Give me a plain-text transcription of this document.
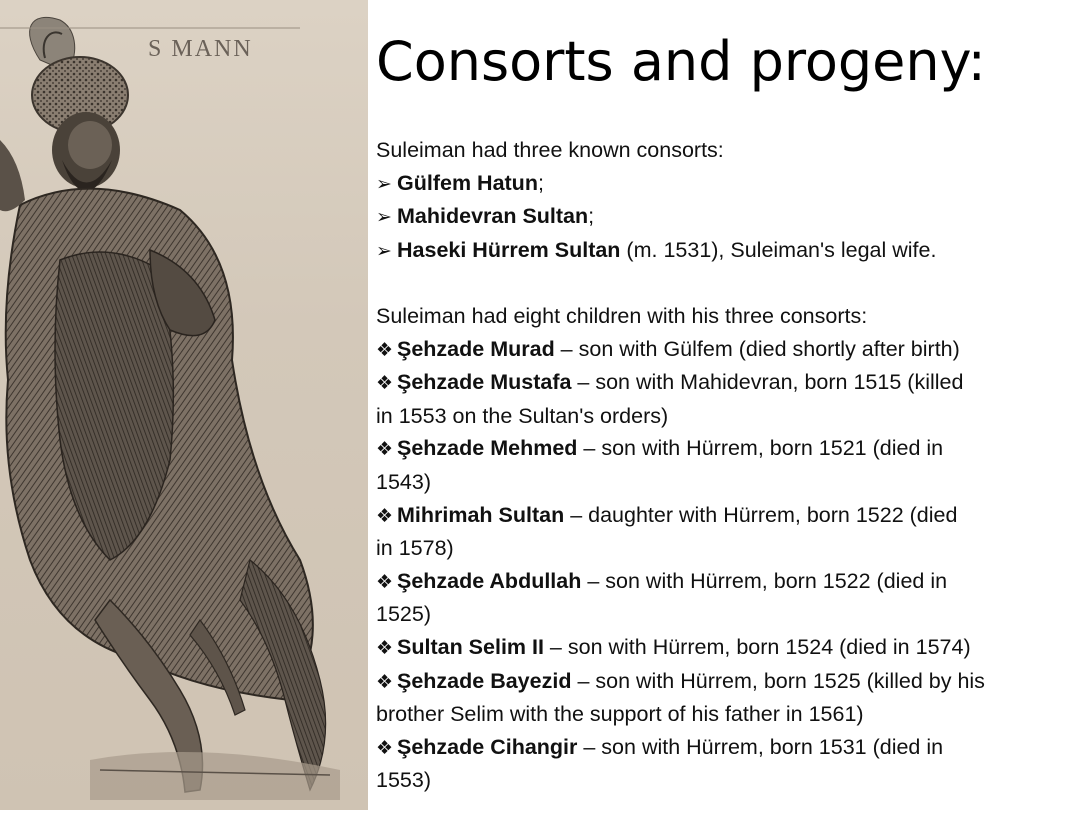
S MANN Consorts and progeny:
Suleiman had three known consorts:
➢ Gülfem Hatun;
➢ Mahidevran Sultan;
➢ Haseki Hürrem Sultan (m. 1531), Suleiman's legal wife.
Suleiman had eight children with his three consorts:
❖ Şehzade Murad – son with Gülfem (died shortly after birth)
❖ Şehzade Mustafa – son with Mahidevran, born 1515 (killed
in 1553 on the Sultan's orders)
❖ Şehzade Mehmed – son with Hürrem, born 1521 (died in
1543)
❖ Mihrimah Sultan – daughter with Hürrem, born 1522 (died
in 1578)
❖ Şehzade Abdullah – son with Hürrem, born 1522 (died in
1525)
❖ Sultan Selim II – son with Hürrem, born 1524 (died in 1574)
❖ Şehzade Bayezid – son with Hürrem, born 1525 (killed by his
brother Selim with the support of his father in 1561)
❖ Şehzade Cihangir – son with Hürrem, born 1531 (died in
1553)
